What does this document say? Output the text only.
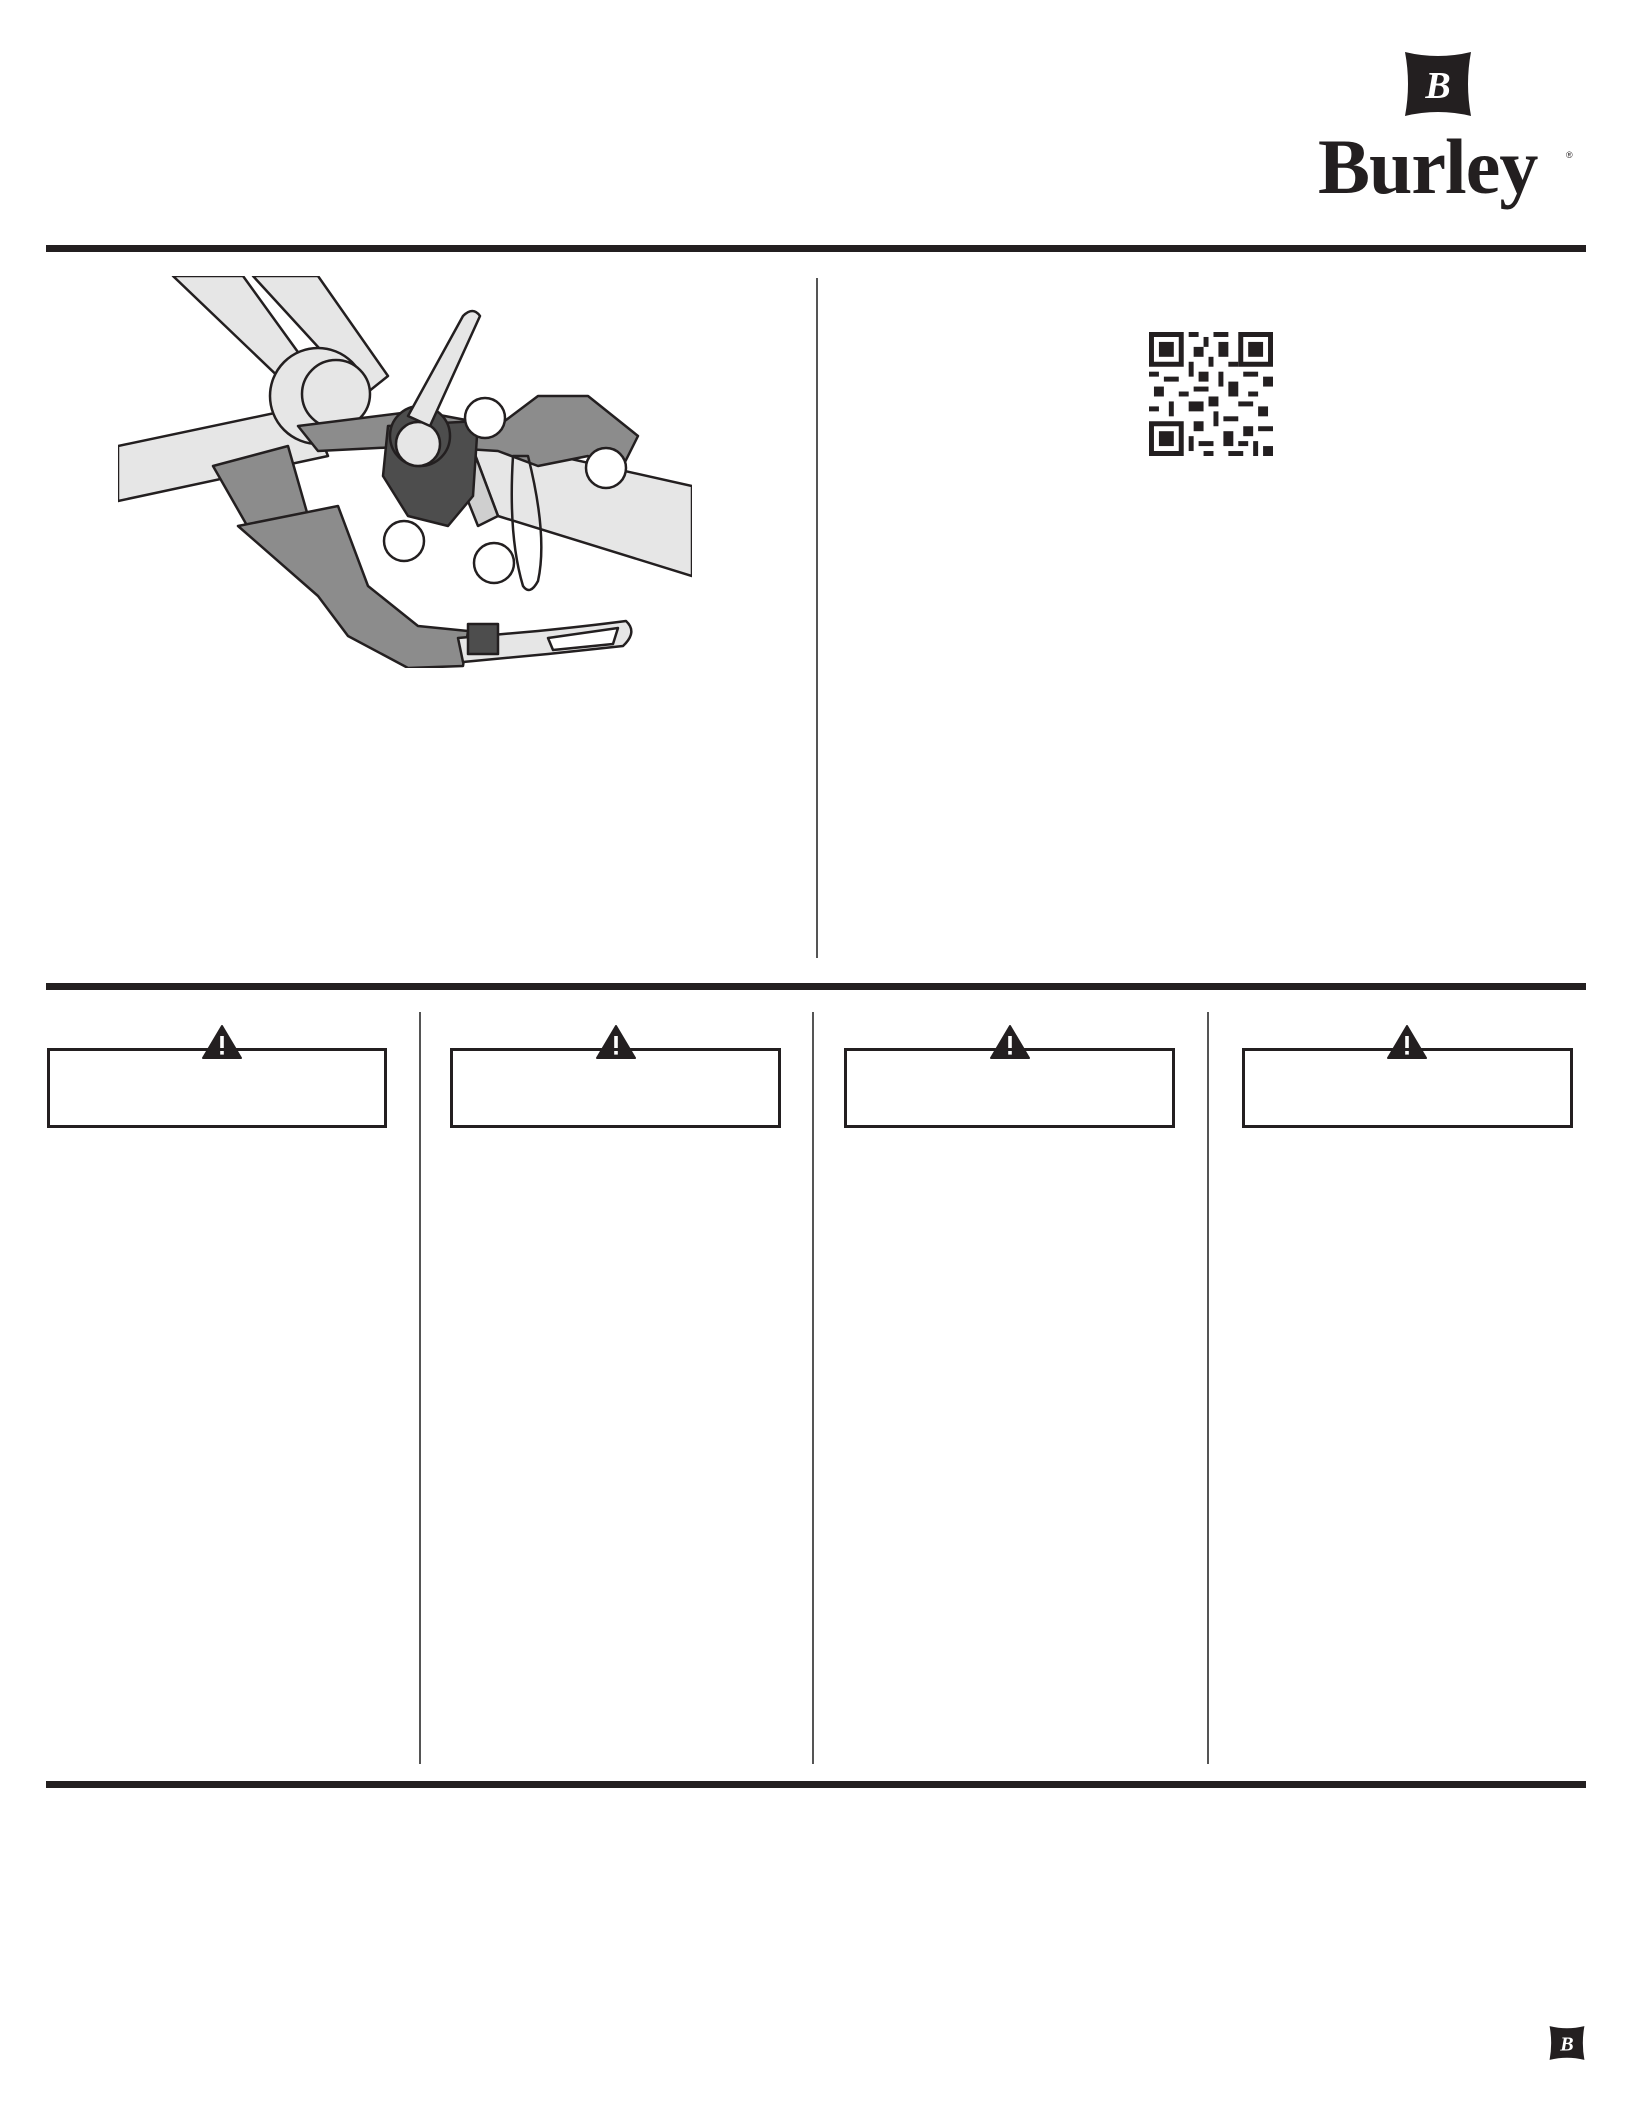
B
Burley	®
B
